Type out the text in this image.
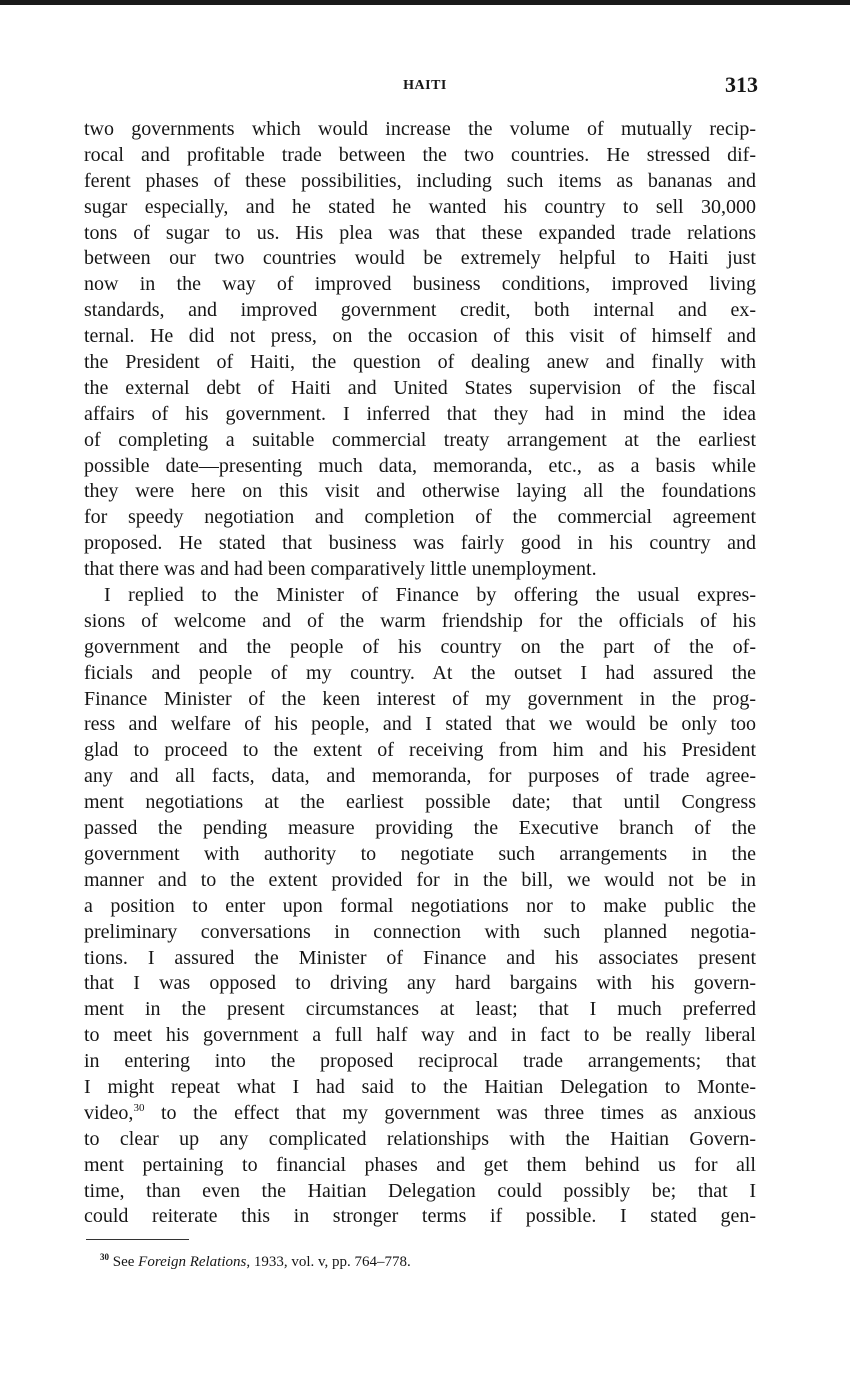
HAITI	313
two governments which would increase the volume of mutually recip-
rocal and profitable trade between the two countries. He stressed dif-
ferent phases of these possibilities, including such items as bananas and
sugar especially, and he stated he wanted his country to sell 30,000
tons of sugar to us. His plea was that these expanded trade relations
between our two countries would be extremely helpful to Haiti just
now in the way of improved business conditions, improved living
standards, and improved government credit, both internal and ex-
ternal. He did not press, on the occasion of this visit of himself and
the President of Haiti, the question of dealing anew and finally with
the external debt of Haiti and United States supervision of the fiscal
affairs of his government. I inferred that they had in mind the idea
of completing a suitable commercial treaty arrangement at the earliest
possible date—presenting much data, memoranda, etc., as a basis while
they were here on this visit and otherwise laying all the foundations
for speedy negotiation and completion of the commercial agreement
proposed. He stated that business was fairly good in his country and
that there was and had been comparatively little unemployment.
I replied to the Minister of Finance by offering the usual expres-
sions of welcome and of the warm friendship for the officials of his
government and the people of his country on the part of the of-
ficials and people of my country. At the outset I had assured the
Finance Minister of the keen interest of my government in the prog-
ress and welfare of his people, and I stated that we would be only too
glad to proceed to the extent of receiving from him and his President
any and all facts, data, and memoranda, for purposes of trade agree-
ment negotiations at the earliest possible date; that until Congress
passed the pending measure providing the Executive branch of the
government with authority to negotiate such arrangements in the
manner and to the extent provided for in the bill, we would not be in
a position to enter upon formal negotiations nor to make public the
preliminary conversations in connection with such planned negotia-
tions. I assured the Minister of Finance and his associates present
that I was opposed to driving any hard bargains with his govern-
ment in the present circumstances at least; that I much preferred
to meet his government a full half way and in fact to be really liberal
in entering into the proposed reciprocal trade arrangements; that
I might repeat what I had said to the Haitian Delegation to Monte-
video,$^{30}$ to the effect that my government was three times as anxious
to clear up any complicated relationships with the Haitian Govern-
ment pertaining to financial phases and get them behind us for all
time, than even the Haitian Delegation could possibly be; that I
could reiterate this in stronger terms if possible. I stated gen-
$^{30}$ See Foreign Relations, 1933, vol. v, pp. 764–778.
